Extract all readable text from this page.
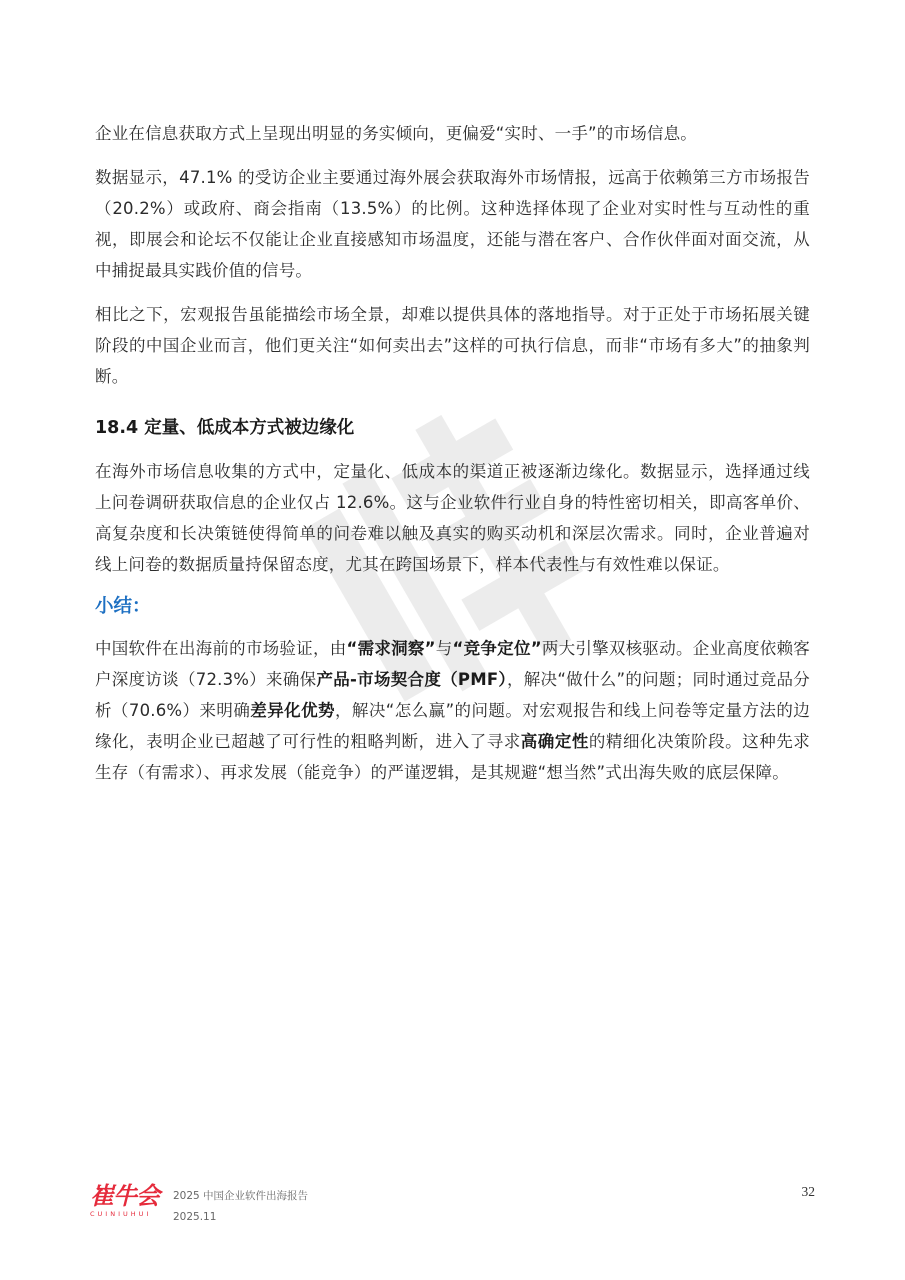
企业在信息获取方式上呈现出明显的务实倾向，更偏爱“实时、一手”的市场信息。

数据显示，47.1% 的受访企业主要通过海外展会获取海外市场情报，远高于依赖第三方市场报告（20.2%）或政府、商会指南（13.5%）的比例。这种选择体现了企业对实时性与互动性的重视，即展会和论坛不仅能让企业直接感知市场温度，还能与潜在客户、合作伙伴面对面交流，从中捕捉最具实践价值的信号。

相比之下，宏观报告虽能描绘市场全景，却难以提供具体的落地指导。对于正处于市场拓展关键阶段的中国企业而言，他们更关注“如何卖出去”这样的可执行信息，而非“市场有多大”的抽象判断。

18.4 定量、低成本方式被边缘化

在海外市场信息收集的方式中，定量化、低成本的渠道正被逐渐边缘化。数据显示，选择通过线上问卷调研获取信息的企业仅占 12.6%。这与企业软件行业自身的特性密切相关，即高客单价、高复杂度和长决策链使得简单的问卷难以触及真实的购买动机和深层次需求。同时，企业普遍对线上问卷的数据质量持保留态度，尤其在跨国场景下，样本代表性与有效性难以保证。

小结：

中国软件在出海前的市场验证，由“需求洞察”与“竞争定位”两大引擎双核驱动。企业高度依赖客户深度访谈（72.3%）来确保产品-市场契合度（PMF），解决“做什么”的问题；同时通过竞品分析（70.6%）来明确差异化优势，解决“怎么赢”的问题。对宏观报告和线上问卷等定量方法的边缘化，表明企业已超越了可行性的粗略判断，进入了寻求高确定性的精细化决策阶段。这种先求生存（有需求）、再求发展（能竞争）的严谨逻辑，是其规避“想当然”式出海失败的底层保障。

崔牛会
CUINIUHUI
2025 中国企业软件出海报告
2025.11
32
